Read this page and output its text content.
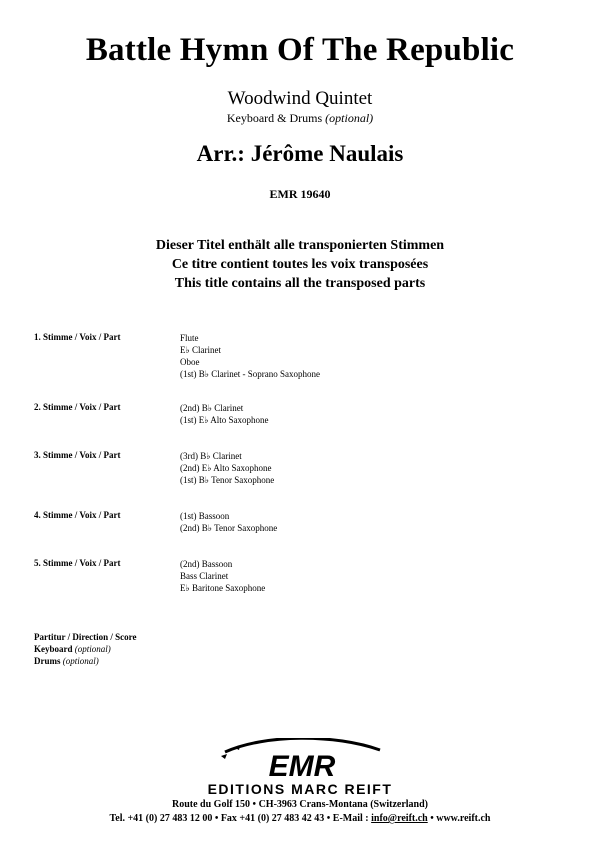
Battle Hymn Of The Republic
Woodwind Quintet
Keyboard & Drums (optional)
Arr.: Jérôme Naulais
EMR 19640
Dieser Titel enthält alle transponierten Stimmen
Ce titre contient toutes les voix transposées
This title contains all the transposed parts
1. Stimme / Voix / Part	Flute
E♭ Clarinet
Oboe
(1st) B♭ Clarinet - Soprano Saxophone
2. Stimme / Voix / Part	(2nd) B♭ Clarinet
(1st) E♭ Alto Saxophone
3. Stimme / Voix / Part	(3rd) B♭ Clarinet
(2nd) E♭ Alto Saxophone
(1st) B♭ Tenor Saxophone
4. Stimme / Voix / Part	(1st) Bassoon
(2nd) B♭ Tenor Saxophone
5. Stimme / Voix / Part	(2nd) Bassoon
Bass Clarinet
E♭ Baritone Saxophone
Partitur / Direction / Score
Keyboard (optional)
Drums (optional)
EMR
EDITIONS MARC REIFT
Route du Golf 150 • CH-3963 Crans-Montana (Switzerland)
Tel. +41 (0) 27 483 12 00 • Fax +41 (0) 27 483 42 43 • E-Mail : info@reift.ch • www.reift.ch
